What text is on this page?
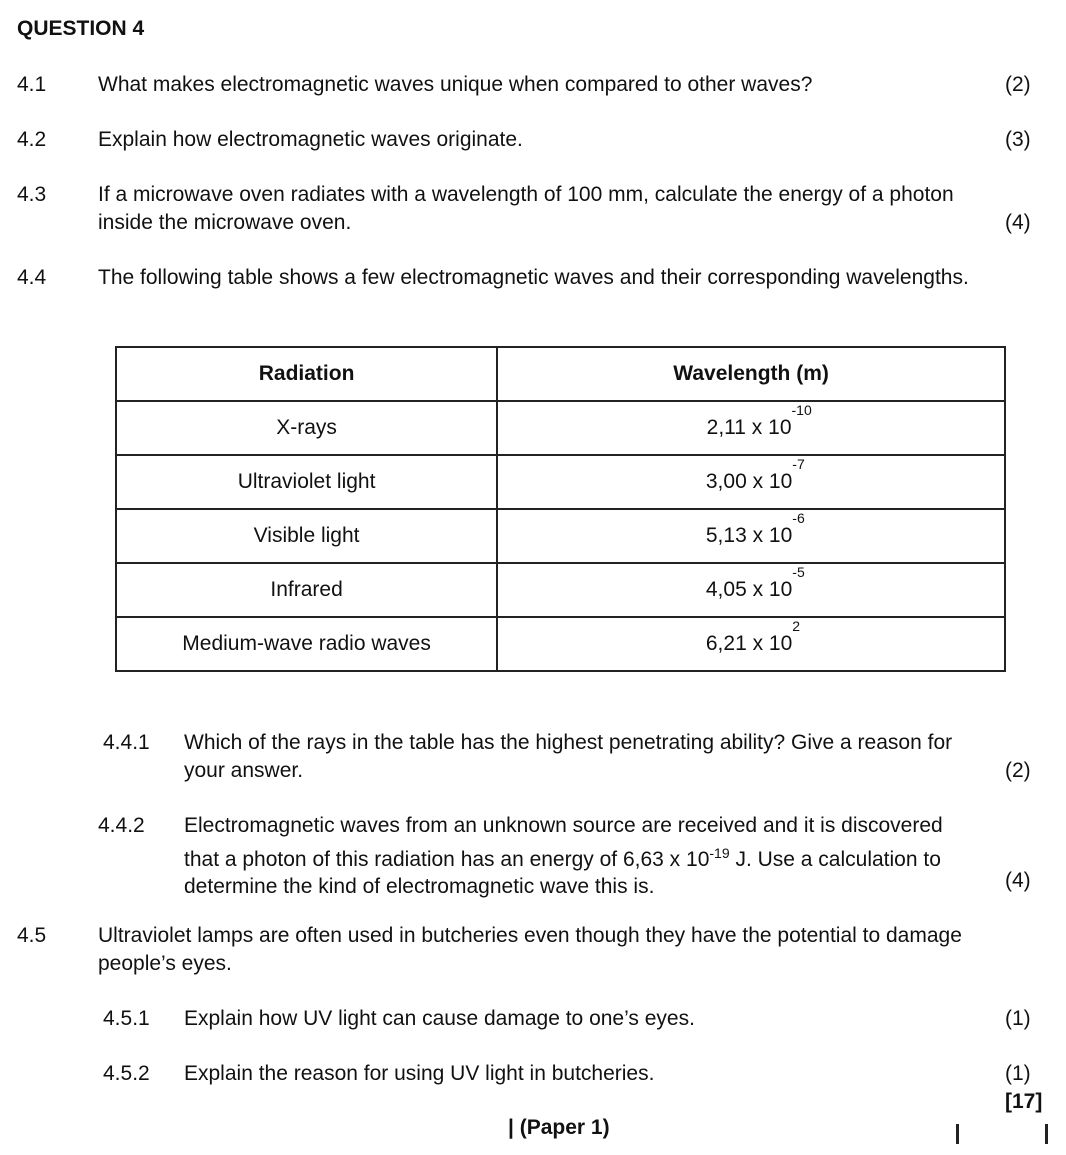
QUESTION 4
4.1 What makes electromagnetic waves unique when compared to other waves?	(2)
4.2 Explain how electromagnetic waves originate.	(3)
4.3 If a microwave oven radiates with a wavelength of 100 mm, calculate the energy of a photon inside the microwave oven.	(4)
4.4 The following table shows a few electromagnetic waves and their corresponding wavelengths.
Radiation	Wavelength (m)
X-rays	2,11 x 10
-10

Ultraviolet light	3,00 x 10
-7

Visible light	5,13 x 10
-6

Infrared	4,05 x 10
-5

Medium-wave radio waves	6,21 x 10
2
4.4.1 Which of the rays in the table has the highest penetrating ability? Give a reason for your answer.	(2)
4.4.2 Electromagnetic waves from an unknown source are received and it is discovered that a photon of this radiation has an energy of 6,63 x $10^{-19}$ J. Use a calculation to determine the kind of electromagnetic wave this is.	(4)
4.5 Ultraviolet lamps are often used in butcheries even though they have the potential to damage people’s eyes.
4.5.1 Explain how UV light can cause damage to one’s eyes.	(1)
4.5.2 Explain the reason for using UV light in butcheries.	(1)
[17]
| (Paper 1)
